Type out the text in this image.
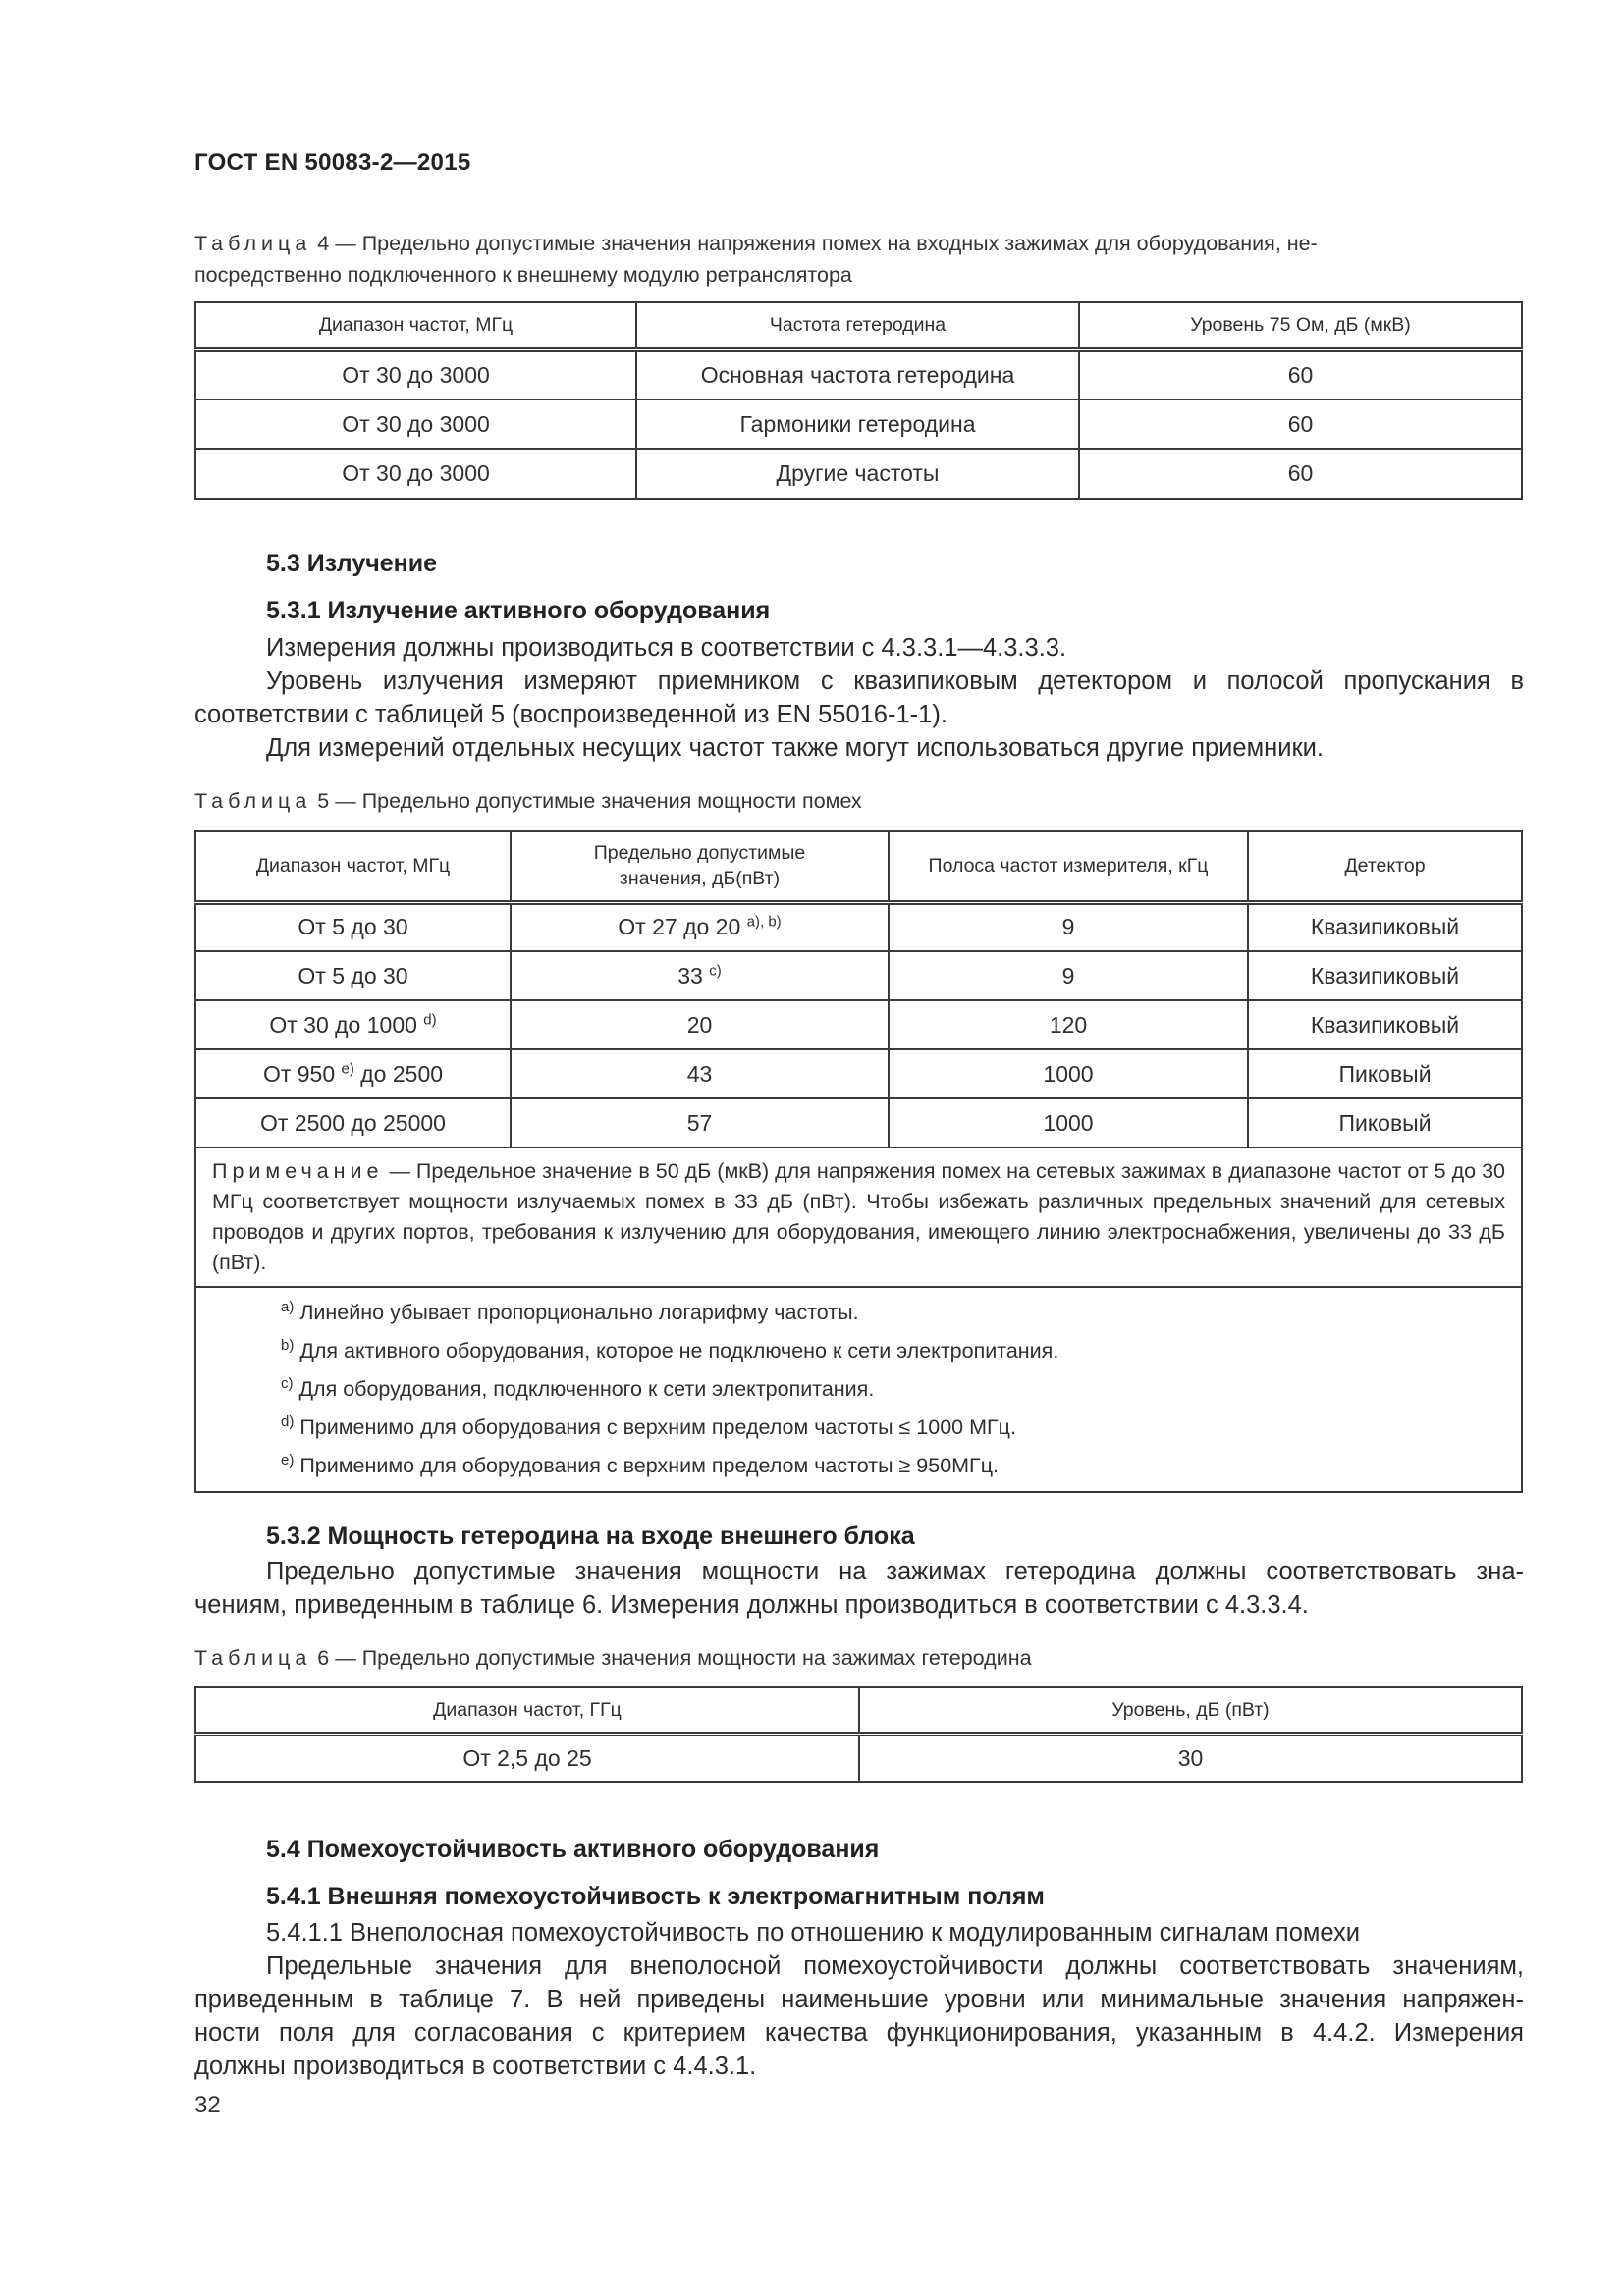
ГОСТ EN 50083-2—2015
Таблица 4 — Предельно допустимые значения напряжения помех на входных зажимах для оборудования, не-
посредственно подключенного к внешнему модулю ретранслятора
Диапазон частот, МГц	Частота гетеродина	Уровень 75 Ом, дБ (мкВ)
От 30 до 3000	Основная частота гетеродина	60
От 30 до 3000	Гармоники гетеродина	60
От 30 до 3000	Другие частоты	60
5.3 Излучение
5.3.1 Излучение активного оборудования
Измерения должны производиться в соответствии с 4.3.3.1—4.3.3.3.
Уровень излучения измеряют приемником с квазипиковым детектором и полосой пропускания в
соответствии с таблицей 5 (воспроизведенной из EN 55016-1-1).
Для измерений отдельных несущих частот также могут использоваться другие приемники.
Таблица 5 — Предельно допустимые значения мощности помех
Диапазон частот, МГц	Предельно допустимые значения, дБ(пВт)	Полоса частот измерителя, кГц	Детектор
От 5 до 30	От 27 до 20 $^{а), b)}$	9	Квазипиковый
От 5 до 30	33 $^{с)}$	9	Квазипиковый
От 30 до 1000 $^{d)}$	20	120	Квазипиковый
От 950 $^{е)}$ до 2500	43	1000	Пиковый
От 2500 до 25000	57	1000	Пиковый
Примечание — Предельное значение в 50 дБ (мкВ) для напряжения помех на сетевых зажимах в диапазоне частот от 5 до 30 МГц соответствует мощности излучаемых помех в 33 дБ (пВт). Чтобы избежать различных предельных значений для сетевых проводов и других портов, требования к излучению для оборудования, имеющего линию электроснабжения, увеличены до 33 дБ (пВт).			

$^{а)}$ Линейно убывает пропорционально логарифму частоты.
$^{b)}$ Для активного оборудования, которое не подключено к сети электропитания.
$^{с)}$ Для оборудования, подключенного к сети электропитания.
$^{d)}$ Применимо для оборудования с верхним пределом частоты ≤ 1000 МГц.
$^{е)}$ Применимо для оборудования с верхним пределом частоты ≥ 950МГц.			
5.3.2 Мощность гетеродина на входе внешнего блока
Предельно допустимые значения мощности на зажимах гетеродина должны соответствовать зна-
чениям, приведенным в таблице 6. Измерения должны производиться в соответствии с 4.3.3.4.
Таблица 6 — Предельно допустимые значения мощности на зажимах гетеродина
Диапазон частот, ГГц	Уровень, дБ (пВт)
От 2,5 до 25	30
5.4 Помехоустойчивость активного оборудования
5.4.1 Внешняя помехоустойчивость к электромагнитным полям
5.4.1.1 Внеполосная помехоустойчивость по отношению к модулированным сигналам помехи
Предельные значения для внеполосной помехоустойчивости должны соответствовать значениям,
приведенным в таблице 7. В ней приведены наименьшие уровни или минимальные значения напряжен-
ности поля для согласования с критерием качества функционирования, указанным в 4.4.2. Измерения
должны производиться в соответствии с 4.4.3.1.
32
